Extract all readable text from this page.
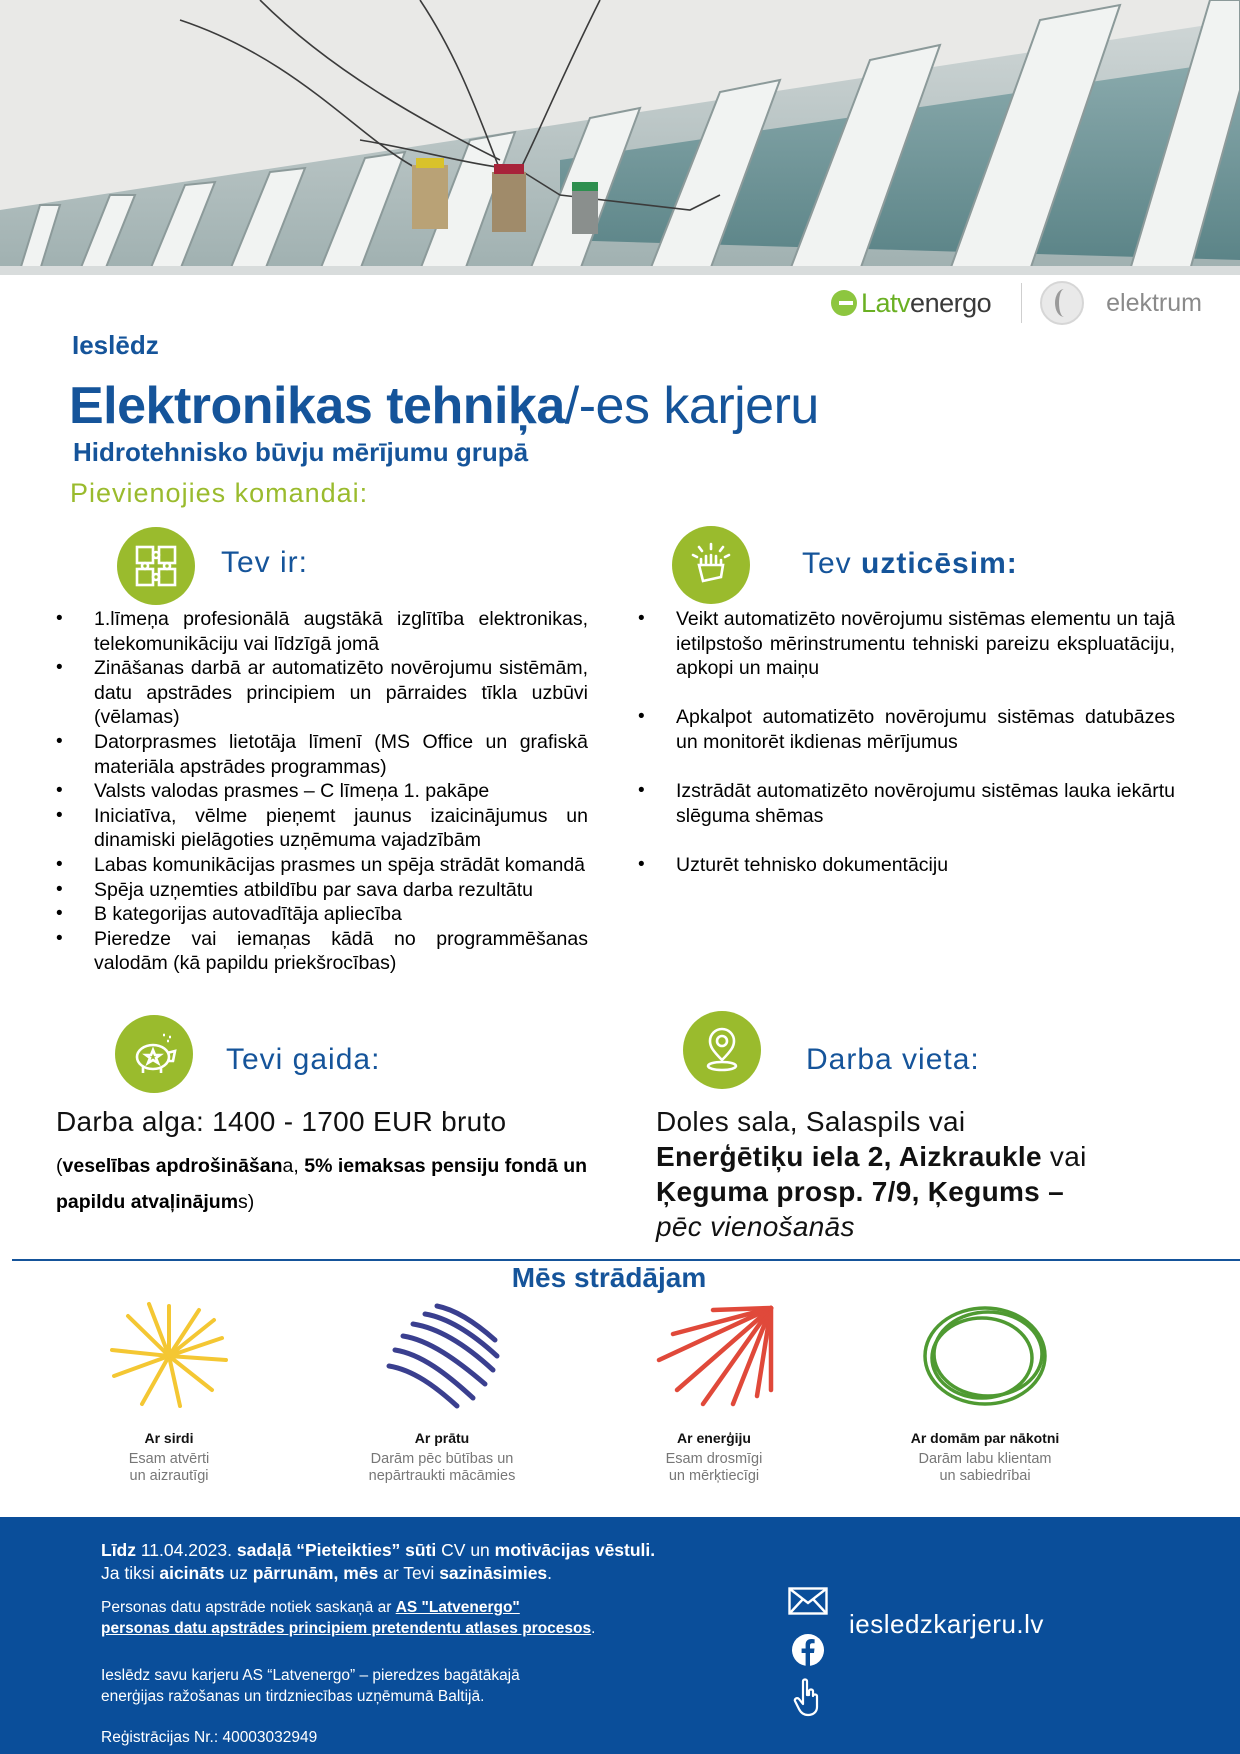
Latvenergo	elektrum
Ieslēdz
Elektronikas tehniķa/-es karjeru
Hidrotehnisko būvju mērījumu grupā
Pievienojies komandai:
Tev ir:
• 1.līmeņa profesionālā augstākā izglītība elektronikas, telekomunikāciju vai līdzīgā jomā
• Zināšanas darbā ar automatizēto novērojumu sistēmām, datu apstrādes principiem un pārraides tīkla uzbūvi (vēlamas)
• Datorprasmes lietotāja līmenī (MS Office un grafiskā materiāla apstrādes programmas)
• Valsts valodas prasmes – C līmeņa 1. pakāpe
• Iniciatīva, vēlme pieņemt jaunus izaicinājumus un dinamiski pielāgoties uzņēmuma vajadzībām
• Labas komunikācijas prasmes un spēja strādāt komandā
• Spēja uzņemties atbildību par sava darba rezultātu
• B kategorijas autovadītāja apliecība
• Pieredze vai iemaņas kādā no programmēšanas valodām (kā papildu priekšrocības)
Tev uzticēsim:
• Veikt automatizēto novērojumu sistēmas elementu un tajā ietilpstošo mērinstrumentu tehniski pareizu ekspluatāciju, apkopi un maiņu
• Apkalpot automatizēto novērojumu sistēmas datubāzes un monitorēt ikdienas mērījumus
• Izstrādāt automatizēto novērojumu sistēmas lauka iekārtu slēguma shēmas
• Uzturēt tehnisko dokumentāciju
Tevi gaida:
Darba alga: 1400 - 1700 EUR bruto
(veselības apdrošināšana, 5% iemaksas pensiju fondā un papildu atvaļinājums)
Darba vieta:
Doles sala, Salaspils vai
Enerģētiķu iela 2, Aizkraukle vai
Ķeguma prosp. 7/9, Ķegums –
pēc vienošanās
Mēs strādājam
Ar sirdi
Esam atvērti
un aizrautīgi
Ar prātu
Darām pēc būtības un
nepārtraukti mācāmies
Ar enerģiju
Esam drosmīgi
un mērķtiecīgi
Ar domām par nākotni
Darām labu klientam
un sabiedrībai
Līdz 11.04.2023. sadaļā “Pieteikties” sūti CV un motivācijas vēstuli.
Ja tiksi aicināts uz pārrunām, mēs ar Tevi sazināsimies.
Personas datu apstrāde notiek saskaņā ar AS "Latvenergo"
personas datu apstrādes principiem pretendentu atlases procesos.
Ieslēdz savu karjeru AS “Latvenergo” – pieredzes bagātākajā
enerģijas ražošanas un tirdzniecības uzņēmumā Baltijā.
Reģistrācijas Nr.: 40003032949
iesledzkarjeru.lv
